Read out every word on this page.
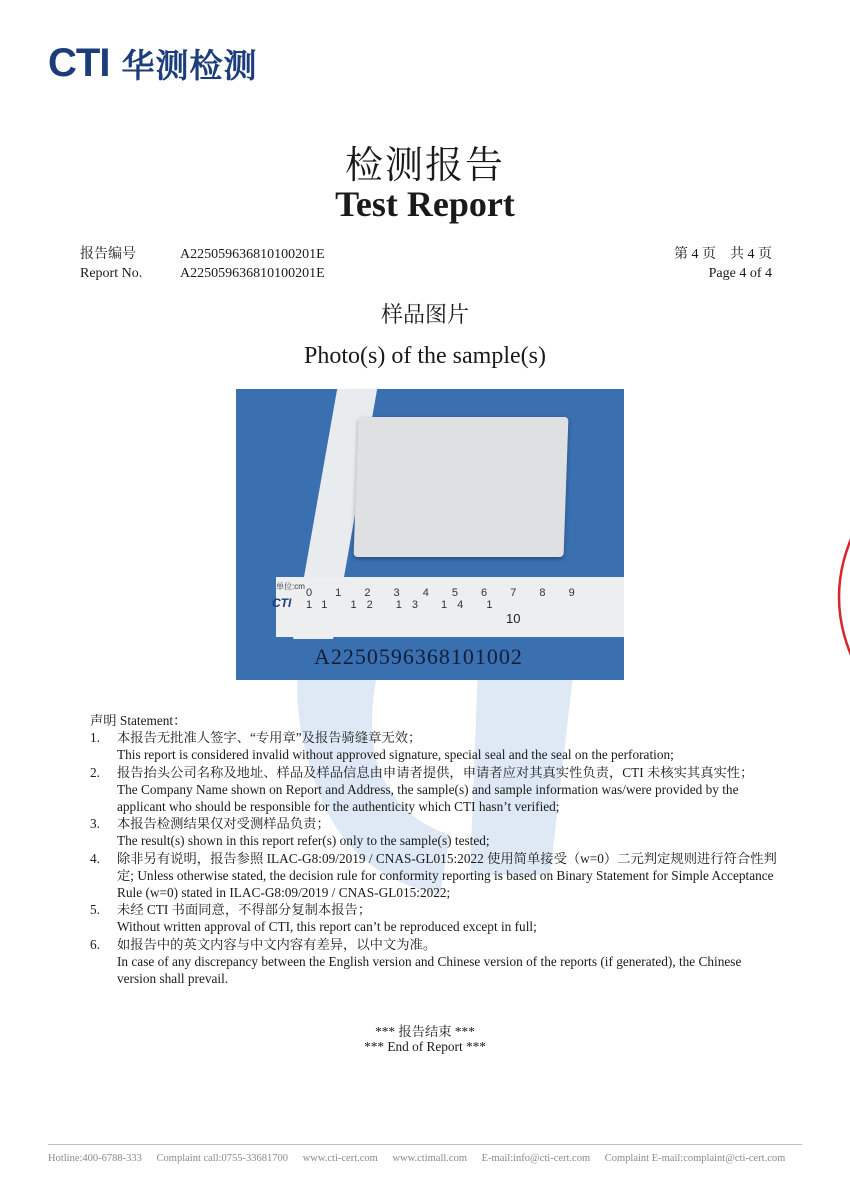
CTI 华测检测
检测报告
Test Report
报告编号	A225059636810100201E
Report No.	A225059636810100201E
第 4 页　共 4 页
Page 4 of 4
样品图片
Photo(s) of the sample(s)
单位:cm
CTI
0 1 2 3 4 5 6 7 8 9 11 12 13 14 1
10
A2250596368101002
声明 Statement：
1.	本报告无批准人签字、“专用章”及报告骑缝章无效；
This report is considered invalid without approved signature, special seal and the seal on the perforation;
2.	报告抬头公司名称及地址、样品及样品信息由申请者提供，申请者应对其真实性负责，CTI 未核实其真实性；
The Company Name shown on Report and Address, the sample(s) and sample information was/were provided by the applicant who should be responsible for the authenticity which CTI hasn’t verified;
3.	本报告检测结果仅对受测样品负责；
The result(s) shown in this report refer(s) only to the sample(s) tested;
4.	除非另有说明，报告参照 ILAC-G8:09/2019 / CNAS-GL015:2022 使用简单接受（w=0）二元判定规则进行符合性判定; Unless otherwise stated, the decision rule for conformity reporting is based on Binary Statement for Simple Acceptance Rule (w=0) stated in ILAC-G8:09/2019 / CNAS-GL015:2022;
5.	未经 CTI 书面同意，不得部分复制本报告；
Without written approval of CTI, this report can’t be reproduced except in full;
6.	如报告中的英文内容与中文内容有差异，以中文为准。
In case of any discrepancy between the English version and Chinese version of the reports (if generated), the Chinese version shall prevail.
*** 报告结束 ***
*** End of Report ***
Hotline:400-6788-333 Complaint call:0755-33681700 www.cti-cert.com www.ctimall.com E-mail:info@cti-cert.com Complaint E-mail:complaint@cti-cert.com
